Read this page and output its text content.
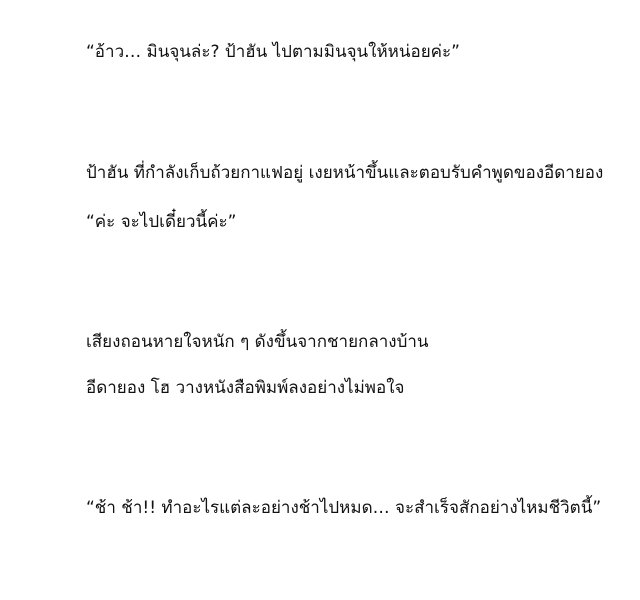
“อ้าว… มินจุนล่ะ? ป้าฮัน ไปตามมินจุนให้หน่อยค่ะ”

ป้าฮัน ที่กำลังเก็บถ้วยกาแฟอยู่ เงยหน้าขึ้นและตอบรับคำพูดของอีดายอง

“ค่ะ จะไปเดี๋ยวนี้ค่ะ”

เสียงถอนหายใจหนัก ๆ ดังขึ้นจากชายกลางบ้าน

อีดายอง โฮ วางหนังสือพิมพ์ลงอย่างไม่พอใจ

“ช้า ช้า!! ทำอะไรแต่ละอย่างช้าไปหมด… จะสำเร็จสักอย่างไหมชีวิตนี้”
